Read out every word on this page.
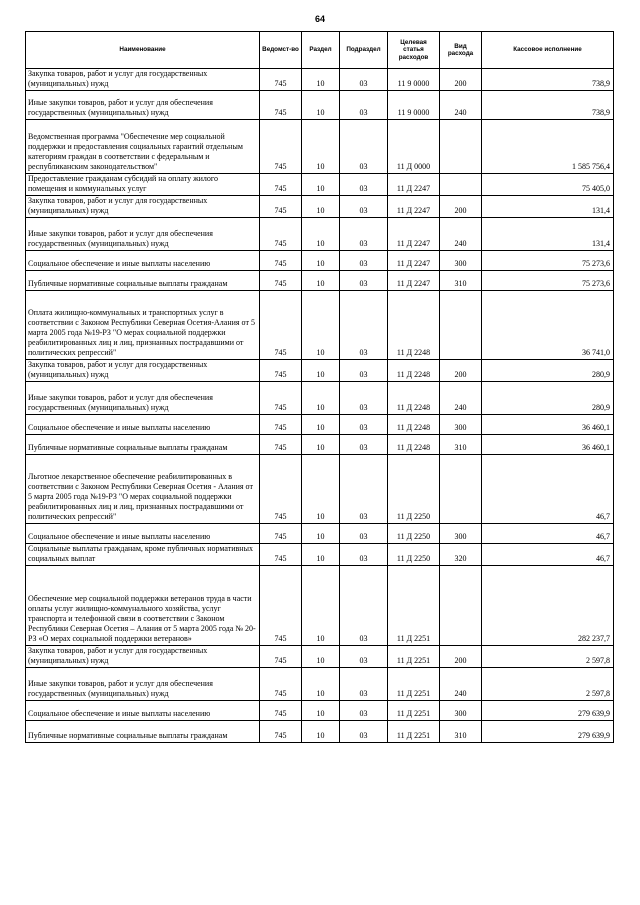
64
Наименование	Ведомст-во	Раздел	Подраздел	Целевая статья расходов	Вид расхода	Кассовое исполнение
Закупка товаров, работ и услуг для государственных (муниципальных) нужд	745	10	03	11 9 0000	200	738,9
Иные закупки товаров, работ и услуг для обеспечения государственных (муниципальных) нужд	745	10	03	11 9 0000	240	738,9
Ведомственная программа "Обеспечение мер социальной поддержки и предоставления социальных гарантий отдельным категориям граждан в соответствии с федеральным и республиканским законодательством"	745	10	03	11 Д 0000		1 585 756,4
Предоставление гражданам субсидий на оплату жилого помещения и коммунальных услуг	745	10	03	11 Д 2247		75 405,0
Закупка товаров, работ и услуг для государственных (муниципальных) нужд	745	10	03	11 Д 2247	200	131,4
Иные закупки товаров, работ и услуг для обеспечения государственных (муниципальных) нужд	745	10	03	11 Д 2247	240	131,4
Социальное обеспечение и иные выплаты населению	745	10	03	11 Д 2247	300	75 273,6
Публичные нормативные социальные выплаты гражданам	745	10	03	11 Д 2247	310	75 273,6
Оплата жилищно-коммунальных и транспортных услуг в соответствии с Законом Республики Северная Осетия-Алания от 5 марта 2005 года №19-РЗ "О мерах социальной поддержки реабилитированных лиц и лиц, признанных пострадавшими от политических репрессий"	745	10	03	11 Д 2248		36 741,0
Закупка товаров, работ и услуг для государственных (муниципальных) нужд	745	10	03	11 Д 2248	200	280,9
Иные закупки товаров, работ и услуг для обеспечения государственных (муниципальных) нужд	745	10	03	11 Д 2248	240	280,9
Социальное обеспечение и иные выплаты населению	745	10	03	11 Д 2248	300	36 460,1
Публичные нормативные социальные выплаты гражданам	745	10	03	11 Д 2248	310	36 460,1
Льготное лекарственное обеспечение реабилитированных в соответствии с Законом Республики Северная Осетия - Алания от 5 марта 2005 года №19-РЗ "О мерах социальной поддержки реабилитированных лиц и лиц, признанных пострадавшими от политических репрессий"	745	10	03	11 Д 2250		46,7
Социальное обеспечение и иные выплаты населению	745	10	03	11 Д 2250	300	46,7
Социальные выплаты гражданам, кроме публичных нормативных социальных выплат	745	10	03	11 Д 2250	320	46,7
Обеспечение мер социальной поддержки ветеранов труда в части оплаты услуг жилищно-коммунального хозяйства, услуг транспорта и телефонной связи в соответствии с Законом Республики Северная Осетия – Алания от 5 марта 2005 года № 20- РЗ «О мерах социальной поддержки ветеранов»	745	10	03	11 Д 2251		282 237,7
Закупка товаров, работ и услуг для государственных (муниципальных) нужд	745	10	03	11 Д 2251	200	2 597,8
Иные закупки товаров, работ и услуг для обеспечения государственных (муниципальных) нужд	745	10	03	11 Д 2251	240	2 597,8
Социальное обеспечение и иные выплаты населению	745	10	03	11 Д 2251	300	279 639,9
Публичные нормативные социальные выплаты гражданам	745	10	03	11 Д 2251	310	279 639,9
